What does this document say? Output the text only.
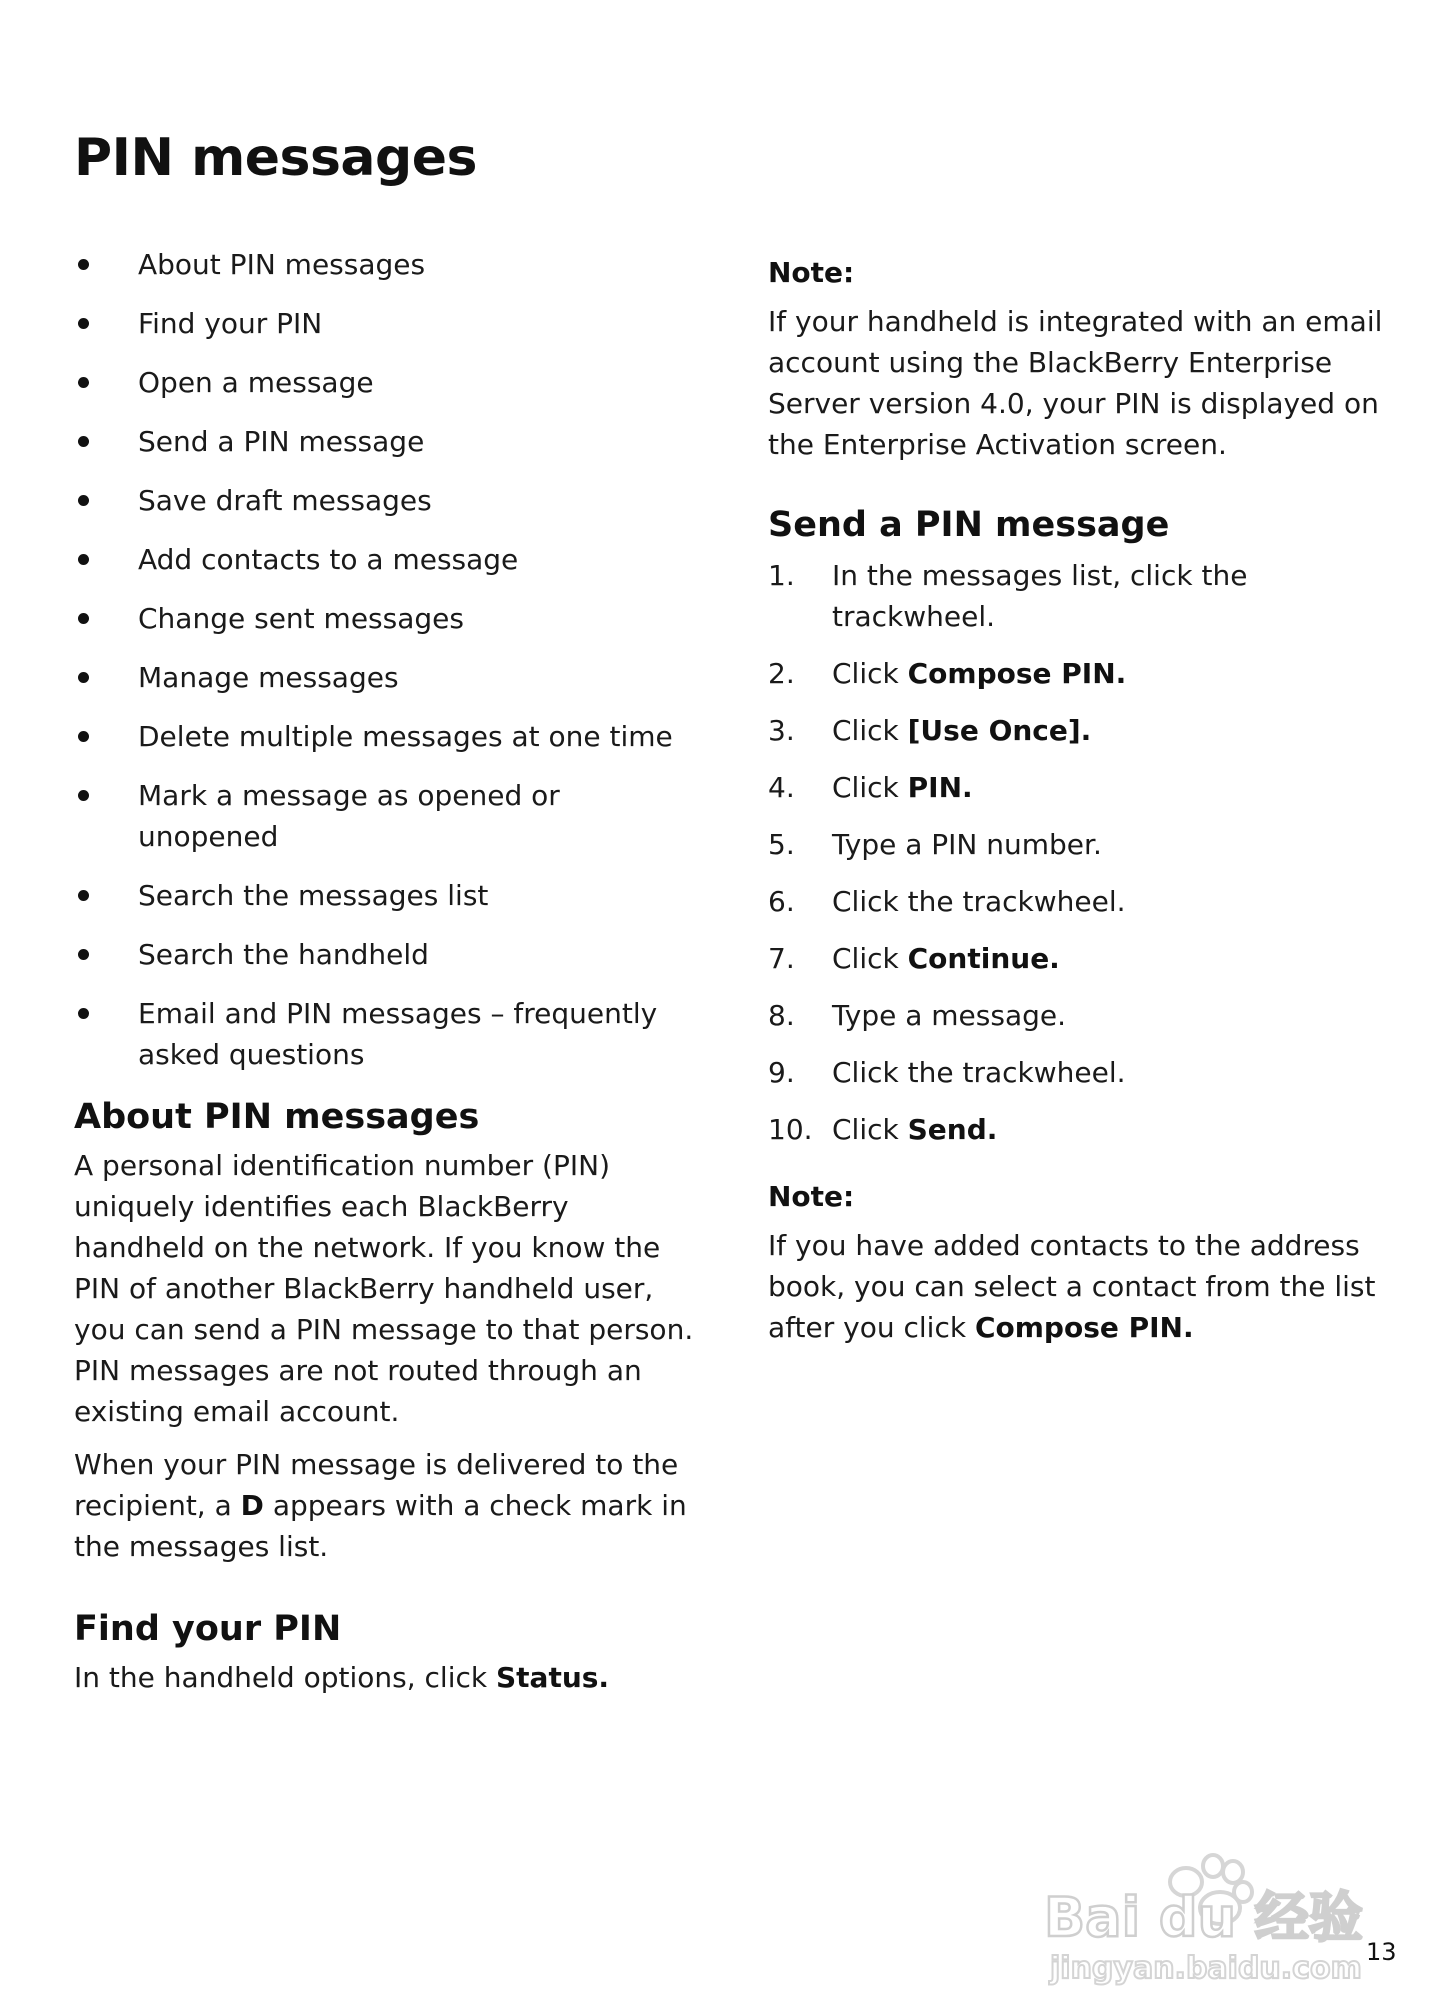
PIN messages
About PIN messages
Find your PIN
Open a message
Send a PIN message
Save draft messages
Add contacts to a message
Change sent messages
Manage messages
Delete multiple messages at one time
Mark a message as opened or unopened
Search the messages list
Search the handheld
Email and PIN messages – frequently asked questions
About PIN messages

A personal identification number (PIN) uniquely identifies each BlackBerry handheld on the network. If you know the PIN of another BlackBerry handheld user, you can send a PIN message to that person. PIN messages are not routed through an existing email account.

When your PIN message is delivered to the recipient, a D appears with a check mark in the messages list.

Find your PIN

In the handheld options, click Status.

Note:

If your handheld is integrated with an email account using the BlackBerry Enterprise Server version 4.0, your PIN is displayed on the Enterprise Activation screen.

Send a PIN message
1. In the messages list, click the trackwheel.
2. Click Compose PIN.
3. Click [Use Once].
4. Click PIN.
5. Type a PIN number.
6. Click the trackwheel.
7. Click Continue.
8. Type a message.
9. Click the trackwheel.
10. Click Send.
Note:

If you have added contacts to the address book, you can select a contact from the list after you click Compose PIN.

Bai du 经验
jingyan.baidu.com 13
